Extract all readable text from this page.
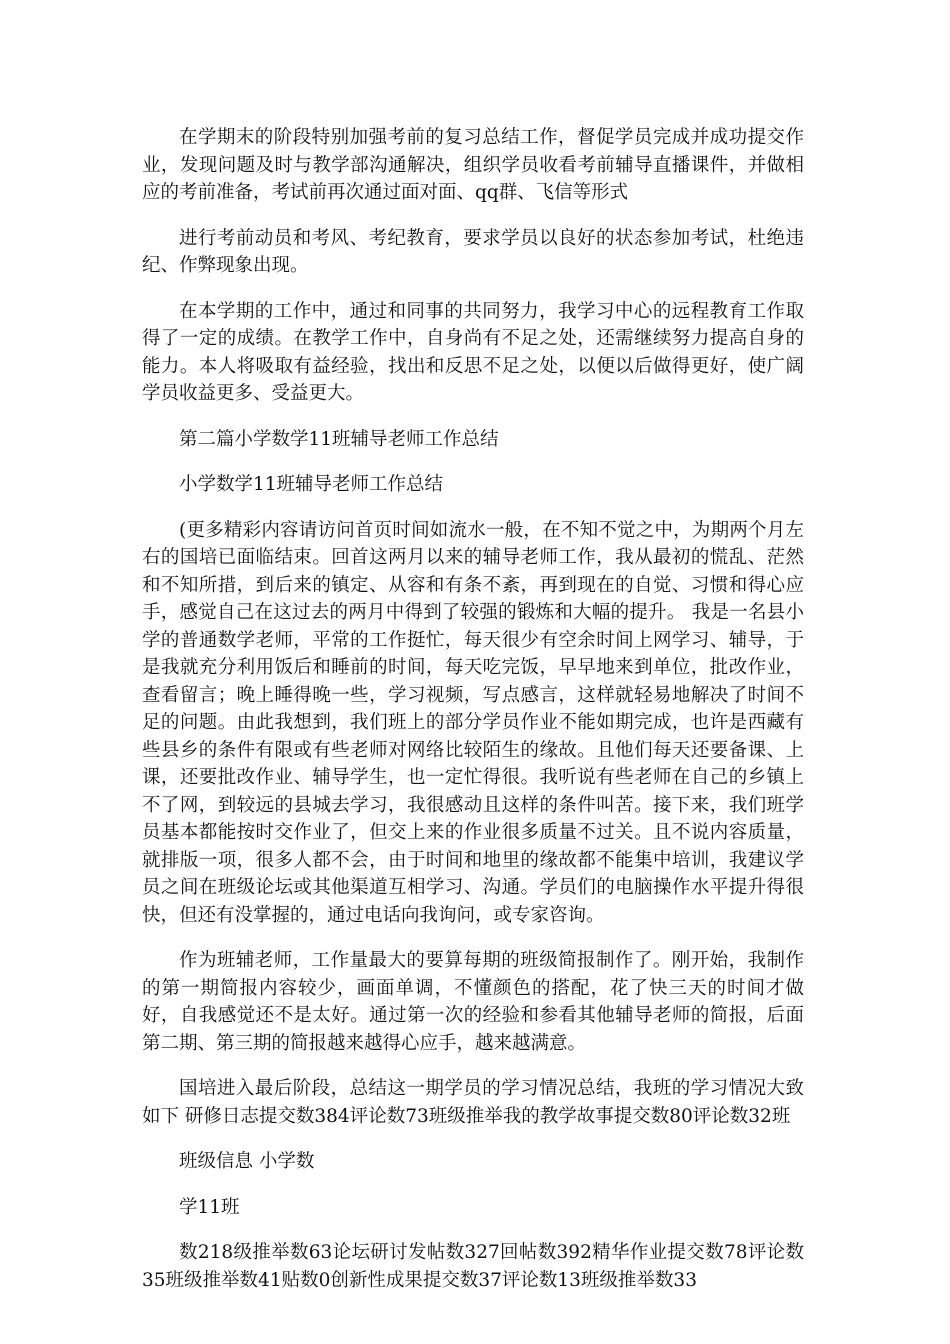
在学期末的阶段特别加强考前的复习总结工作，督促学员完成并成功提交作业，发现问题及时与教学部沟通解决，组织学员收看考前辅导直播课件，并做相应的考前准备，考试前再次通过面对面、qq群、飞信等形式

进行考前动员和考风、考纪教育，要求学员以良好的状态参加考试，杜绝违纪、作弊现象出现。

在本学期的工作中，通过和同事的共同努力，我学习中心的远程教育工作取得了一定的成绩。在教学工作中，自身尚有不足之处，还需继续努力提高自身的能力。本人将吸取有益经验，找出和反思不足之处，以便以后做得更好，使广阔学员收益更多、受益更大。

第二篇小学数学11班辅导老师工作总结

小学数学11班辅导老师工作总结

(更多精彩内容请访问首页时间如流水一般，在不知不觉之中，为期两个月左右的国培已面临结束。回首这两月以来的辅导老师工作，我从最初的慌乱、茫然和不知所措，到后来的镇定、从容和有条不紊，再到现在的自觉、习惯和得心应手，感觉自己在这过去的两月中得到了较强的锻炼和大幅的提升。 我是一名县小学的普通数学老师，平常的工作挺忙，每天很少有空余时间上网学习、辅导，于是我就充分利用饭后和睡前的时间，每天吃完饭，早早地来到单位，批改作业，查看留言；晚上睡得晚一些，学习视频，写点感言，这样就轻易地解决了时间不足的问题。由此我想到，我们班上的部分学员作业不能如期完成，也许是西藏有些县乡的条件有限或有些老师对网络比较陌生的缘故。且他们每天还要备课、上课，还要批改作业、辅导学生，也一定忙得很。我听说有些老师在自己的乡镇上不了网，到较远的县城去学习，我很感动且这样的条件叫苦。接下来，我们班学员基本都能按时交作业了，但交上来的作业很多质量不过关。且不说内容质量，就排版一项，很多人都不会，由于时间和地里的缘故都不能集中培训，我建议学员之间在班级论坛或其他渠道互相学习、沟通。学员们的电脑操作水平提升得很快，但还有没掌握的，通过电话向我询问，或专家咨询。

作为班辅老师，工作量最大的要算每期的班级简报制作了。刚开始，我制作的第一期简报内容较少，画面单调，不懂颜色的搭配，花了快三天的时间才做好，自我感觉还不是太好。通过第一次的经验和参看其他辅导老师的简报，后面第二期、第三期的简报越来越得心应手，越来越满意。

国培进入最后阶段，总结这一期学员的学习情况总结，我班的学习情况大致如下 研修日志提交数384评论数73班级推举我的教学故事提交数80评论数32班

班级信息 小学数

学11班

数218级推举数63论坛研讨发帖数327回帖数392精华作业提交数78评论数35班级推举数41贴数0创新性成果提交数37评论数13班级推举数33
